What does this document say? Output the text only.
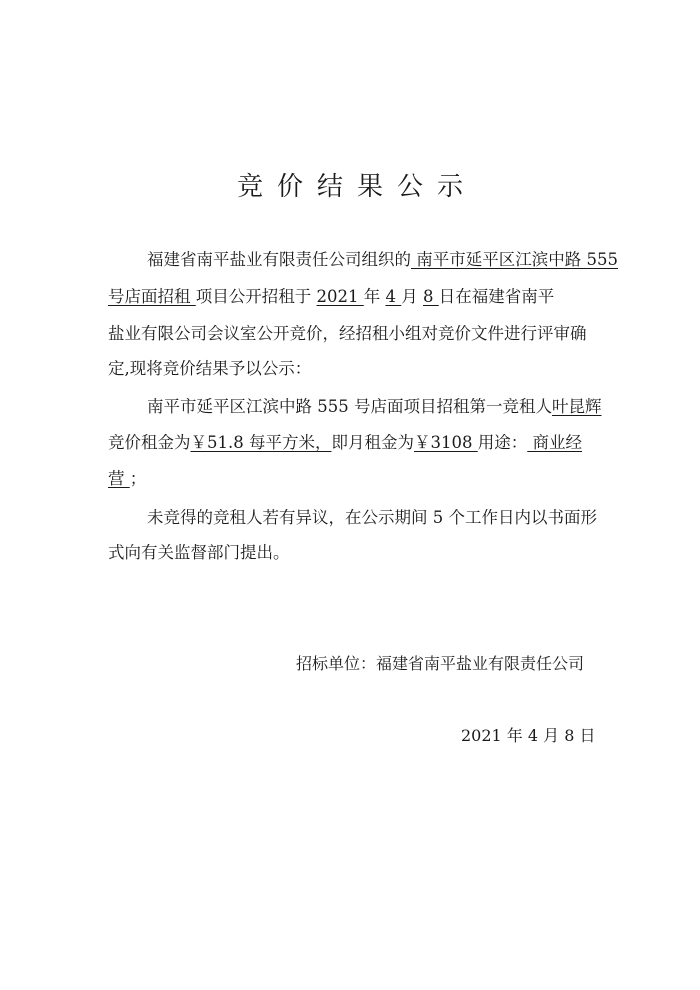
竞价结果公示
福建省南平盐业有限责任公司组织的 南平市延平区江滨中路 555
号店面招租 项目公开招租于 2021 年 4 月 8 日在福建省南平
盐业有限公司会议室公开竞价，经招租小组对竞价文件进行评审确
定,现将竞价结果予以公示：
南平市延平区江滨中路 555 号店面项目招租第一竞租人叶昆辉
竞价租金为￥51.8 每平方米，即月租金为￥3108 用途： 商业经
营 ；
未竞得的竞租人若有异议，在公示期间 5 个工作日内以书面形
式向有关监督部门提出。
招标单位：福建省南平盐业有限责任公司
2021 年 4 月 8 日
